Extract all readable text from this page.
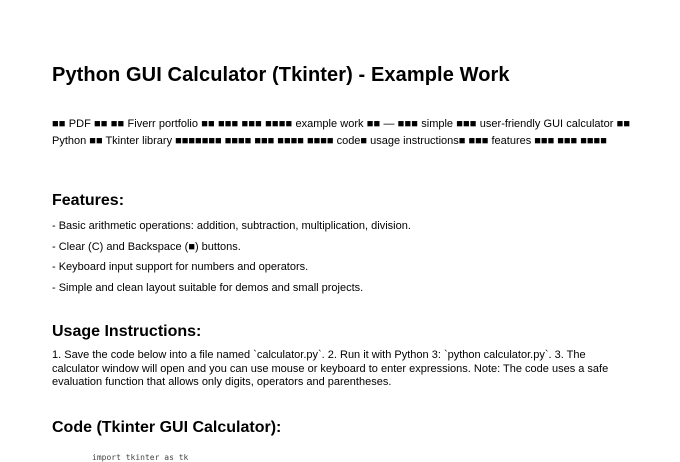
Python GUI Calculator (Tkinter) - Example Work

■■ PDF ■■ ■■ Fiverr portfolio ■■ ■■■ ■■■ ■■■■ example work ■■ — ■■■ simple ■■■ user-friendly GUI calculator ■■ Python ■■ Tkinter library ■■■■■■■ ■■■■ ■■■ ■■■■ ■■■■ code■ usage instructions■ ■■■ features ■■■ ■■■ ■■■■

Features:
- Basic arithmetic operations: addition, subtraction, multiplication, division.
- Clear (C) and Backspace (■) buttons.
- Keyboard input support for numbers and operators.
- Simple and clean layout suitable for demos and small projects.
Usage Instructions:

1. Save the code below into a file named `calculator.py`. 2. Run it with Python 3: `python calculator.py`. 3. The calculator window will open and you can use mouse or keyboard to enter expressions. Note: The code uses a safe evaluation function that allows only digits, operators and parentheses.

Code (Tkinter GUI Calculator):
import tkinter as tk
